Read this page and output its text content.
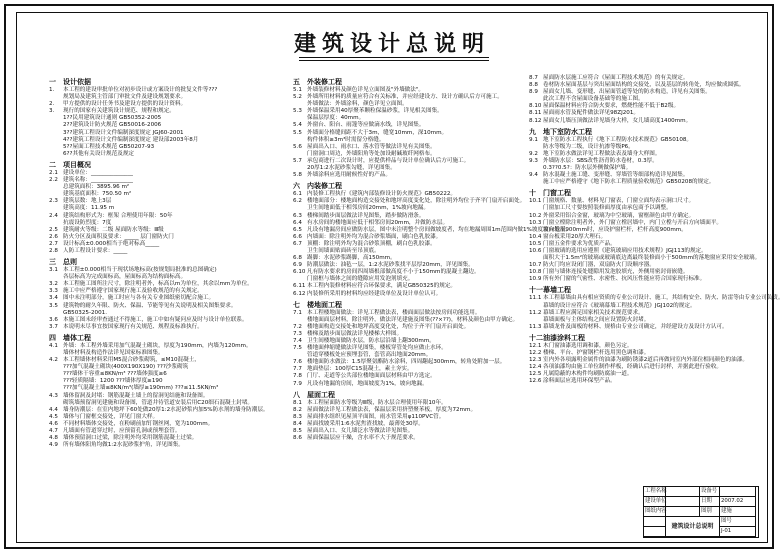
建筑设计总说明
一 设计依据
1.	本工程的建设审批单位对初步设计或方案设计的批复文件等???
规划局及建筑主管部门审批文件及建设规划要求。
2.	甲方提供的设计任务书及建设方提供的设计资料。
3.	现行的国家有关建筑设计规范、规程和规定。
1??民用建筑设计通则 GB50352-2005
2??建筑设计防火规范 GB50016-2006
3??建筑工程设计文件编制深度规定 JGJ60-2001
4??建筑工程设计文件编制深度规定 建设部2003年8月
5??屋面工程技术规范 GB50207-93
6??其他有关设计规范及规定
二 项目概况
2.1 建设单位：_______________
2.2 建筑名称：_______________
总建筑面积：3895.96 m²
建筑基底面积：750.50 m²
2.3 建筑层数：地上3层
建筑高度：11.95 m
2.4 建筑结构形式为：框架 合理使用年限：50年
抗震设防烈度：7度
2.5 建筑耐火等级：二级 屋面防水等级：Ⅲ级
2.6 防火分区及面积及要求：_____ 层门窗防火门
2.7 设计标高±0.000相当于绝对标高_____
2.8 人防工程设计要求：_____
三 总则
3.1 本工程±0.000相当于现状场地标高(按规划局批准的总图确定)
各层标高为完成面标高，屋面标高为结构面标高。
3.2 本工程施工图所注尺寸，除注明者外，标高以m为单位，其余以mm为单位。
3.3 施工中应严格遵守国家现行施工及验收规范的有关规定。
3.4 图中未注明部分，施工时应与各有关专业图纸密切配合施工。
3.5 建筑物的耐久年限、防火、保温、节能等见有关说明及相关图集要求。
GB50325-2001.
3.6 本施工图未经审查通过不得施工，施工中如有疑问应及时与设计单位联系。
3.7 本说明未尽事宜按国家现行有关规范、规程及标准执行。
四 墙体工程
4.1 外墙：本工程外墙采用加气混凝土砌块，厚度为190mm，内墙为120mm。
墙体材料及构造作法详见国家标准图集。
4.2 本工程墙体材料采用M5混合砂浆砌筑，≤M10混凝土，
???加气混凝土砌块(400X190X190) ???沙浆砌筑
???墙体干容重≤8KN/m³ ???墙体强度≥6
???轻质隔墙：1200 ???墙体厚度≥190
???加气混凝土墙≤8KN/m³(墙厚≥190mm) ???≤11.5KN/m³
4.3 墙体留洞及封堵：钢筋混凝土墙上的留洞见结施和设备图。
砌筑墙预留洞见建施和设备图，管道井待管道安装后用C20细石混凝土封堵。
4.4 墙身防潮层：在室内地坪下60处做20厚1:2水泥砂浆内加5%防水剂的墙身防潮层。
4.5 墙体与门窗框交接处，详见门窗大样。
4.6 不同材料墙体交接处，在粉刷前加钉钢丝网，宽为100mm。
4.7 凡墙面有管道穿过时，应预留孔洞或预埋套管。
4.8 墙体预留洞口过梁，除注明外均采用钢筋混凝土过梁。
4.9 所有墙体阳角均做1:2水泥砂浆护角，详见图集。
五 外装修工程
5.1 外墙装修材料及颜色详见立面图及"外墙做法"。
5.2 外墙所用材料的质量应符合有关标准，并应经建设方、设计方确认后方可施工。
外墙做法：外墙涂料，颜色详见立面图。
5.3 外墙保温采用40厚聚苯颗粒保温砂浆，详见相关图集。
保温层厚度：40mm。
5.4 外窗台、阳台、雨篷等应做滴水线，详见图集。
5.5 外墙面分格缝间距不大于3m，缝宽10mm，深10mm。
构件体积≥3m³时需留分格缝。
5.6 屋面出入口、雨水口、落水管等做法详见有关图集。
门窗洞口周边，外墙阳角等处加设耐碱玻纤网格布。
5.7 承包商进行二次设计时，应提供样品与设计单位确认后方可施工。
20厚1:2水泥砂浆勾缝，详见图集。
5.8 外墙涂料应选用耐候性好的产品。
六 内装修工程
6.1 内装修工程执行《建筑内部装修设计防火规范》GB50222。
6.2 楼地面部分：楼地面构造交接处和地坪高度变化处，除注明外均位于齐平门扇开启面处。
卫生间地面低于相邻房间20mm，1%坡向地漏。
6.3 楼梯间踏步面层做法详见图集，踏步做防滑条。
6.4 有水房间的楼地面应低于相邻房间20mm，并做防水层。
6.5 凡设有地漏房间应做防水层，图中未注明整个房间做坡度者，均在地漏周围1m范围内做1%坡度坡向地漏。
6.6 内墙面：除注明外均为混合砂浆墙面，刷白色乳胶漆。
6.7 顶棚：除注明外均为混合砂浆顶棚，刷白色乳胶漆。
卫生间墙面贴面砖至吊顶底。
6.8 踢脚：水泥砂浆踢脚，高150mm。
6.9 防潮层做法：油毡一层，1:2水泥砂浆找平层厚20mm，详见图集。
6.10 凡有防水要求的房间四周墙根部做高度不小于150mm的混凝土翻边。
门窗框与墙体之间的缝隙应用发泡剂填充。
6.11 本工程内装修材料应符合环保要求，满足GB50325的规定。
6.12 内装修所采用的材料均应经建设单位及设计单位认可。
七 楼地面工程
7.1 本工程楼地面做法：详见工程做法表，楼面面层做法按房间功能选用。
楼地面面层材料，除注明外，做法详见建施及图集(??×??)，材料及颜色由甲方确定。
7.2 楼地面构造交接处和地坪高度变化处，均位于齐平门扇开启面处。
7.3 楼梯及踏步面层做法详见楼梯大样图。
7.4 卫生间楼地面做防水层，防水层沿墙上翻300mm。
7.5 楼地面伸缩缝做法详见图集，楼板穿管处均应做止水环。
管道穿楼板处应预埋套管，套管高出地面20mm。
7.6 楼地面防水做法：1.5厚聚氨酯防水涂料，四周翻起300mm，转角处附加一层。
7.7 地面垫层：100厚C15混凝土，素土夯实。
7.8 门厅、走道等公共部位楼地面面层材料由甲方选定。
7.9 凡设有地漏的房间，地面坡度为1%，坡向地漏。
八 屋面工程
8.1 本工程屋面防水等级为Ⅲ级，防水层合理使用年限10年。
8.2 屋面做法详见工程做法表，保温层采用挤塑聚苯板，厚度为72mm。
8.3 屋面排水组织见屋顶平面图，雨水管采用φ110PVC管。
8.4 屋面找坡采用1:6水泥焦渣找坡，最薄处30厚。
8.5 屋面出入口、女儿墙泛水等做法详见图集。
8.6 屋面保温层应干燥，含水率不大于规范要求。
8.7 屋面防水层施工应符合《屋面工程技术规范》的有关规定。
8.8 卷材防水屋面基层与突出屋面结构的交接处，以及基层的转角处，均应做成圆弧。
8.9 屋面女儿墙、变形缝、出屋面管道等处的防水构造，详见有关图集。
此次工程不含屋面设备基础等的施工图。
8.10 屋面保温材料应符合防火要求，燃烧性能不低于B2级。
8.11 屋面雨水管及配件做法详见98ZJ201。
8.12 屋面女儿墙压顶做法详见墙身大样，女儿墙高度1400mm。
九 地下室防水工程
9.1 地下室防水工程执行《地下工程防水技术规范》GB50108。
防水等级为二级，设计抗渗等级P6。
9.2 地下室防水做法详见工程做法表及墙身大样图。
9.3 外墙防水层：SBS改性沥青防水卷材，0.3厚。
0.3??0.5?：防水层外侧做保护墙。
9.4 防水混凝土施工缝、变形缝、穿墙管等细部构造详见图集。
施工中应严格遵守《地下防水工程质量验收规范》GB50208的规定。
十 门窗工程
10.1 门窗规格、数量、材料见门窗表，门窗立面均表示洞口尺寸。
门窗加工尺寸要按照装修面厚度由承包商予以调整。
10.2 外窗采用铝合金窗，玻璃为中空玻璃，窗框颜色由甲方确定。
10.3 门窗立樘除注明者外，外门窗立樘居墙中，内门立樘与开启方向墙面平。
窗台低于900mm时，应设护窗栏杆，栏杆高度900mm。
10.4 窗台板采用20厚大理石。
10.5 门窗五金件要求为优质产品。
10.6 门窗玻璃的选用应遵照《建筑玻璃应用技术规程》JGJ113的规定。
面积大于1.5m²的玻璃或玻璃底边离最终装修面小于500mm的落地窗应采用安全玻璃。
10.7 防火门均应设闭门器，双扇防火门设顺序器。
10.8 门窗与墙体连接处缝隙用发泡胶填充，外侧用密封膏嵌缝。
10.9 所有外门窗的气密性、水密性、抗风压性能应符合国家现行标准。
十一幕墙工程
11.1 本工程幕墙由具有相应资质的专业公司设计、施工，其结构安全、防火、防雷等由专业公司负责。
幕墙的设计应符合《玻璃幕墙工程技术规范》JGJ102的规定。
11.2 幕墙工程应满足国家相关技术规范要求。
幕墙面板与主体结构之间应设置防火封堵。
11.3 幕墙龙骨及面板的材料、规格由专业公司确定，并经建设方及设计方认可。
十二油漆涂料工程
12.1 木门窗油漆选用调和漆，颜色另定。
12.2 楼梯、平台、护窗钢栏杆选用黑色调和漆。
12.3 室内外各项露明金属件的油漆为刷防锈漆2道后再做同室内外部位相同颜色的油漆。
12.4 各项油漆均由施工单位制作样板，经确认后进行封样，并据此进行验收。
12.5 凡属隐蔽的木构件均刷防腐油一道。
12.6 涂料面层应选用环保型产品。
工程名称	设备号
建设单位	日期	2007.02
图纸内容	图别	建施
建筑设计总说明
图号
J-01
